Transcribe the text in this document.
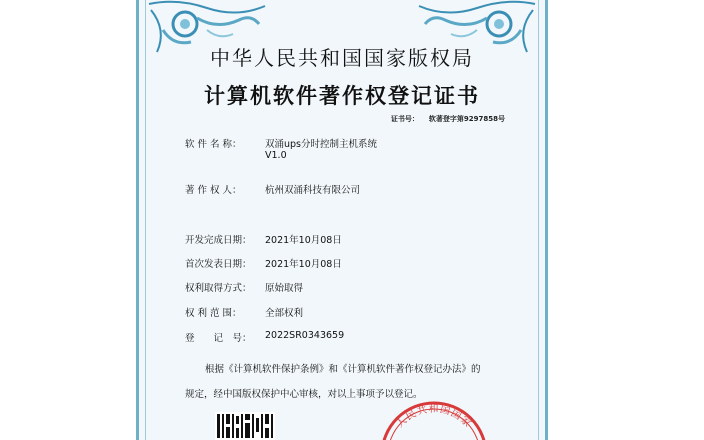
中华人民共和国国家版权局
计算机软件著作权登记证书
证书号： 软著登字第9297858号
软 件 名 称：	双涌ups分时控制主机系统
V1.0
著 作 权 人：	杭州双涌科技有限公司
开发完成日期：	2021年10月08日
首次发表日期：	2021年10月08日
权利取得方式：	原始取得
权 利 范 围：	全部权利
登　　记　号：	2022SR0343659
根据《计算机软件保护条例》和《计算机软件著作权登记办法》的
规定，经中国版权保护中心审核，对以上事项予以登记。
人民共和国国家
